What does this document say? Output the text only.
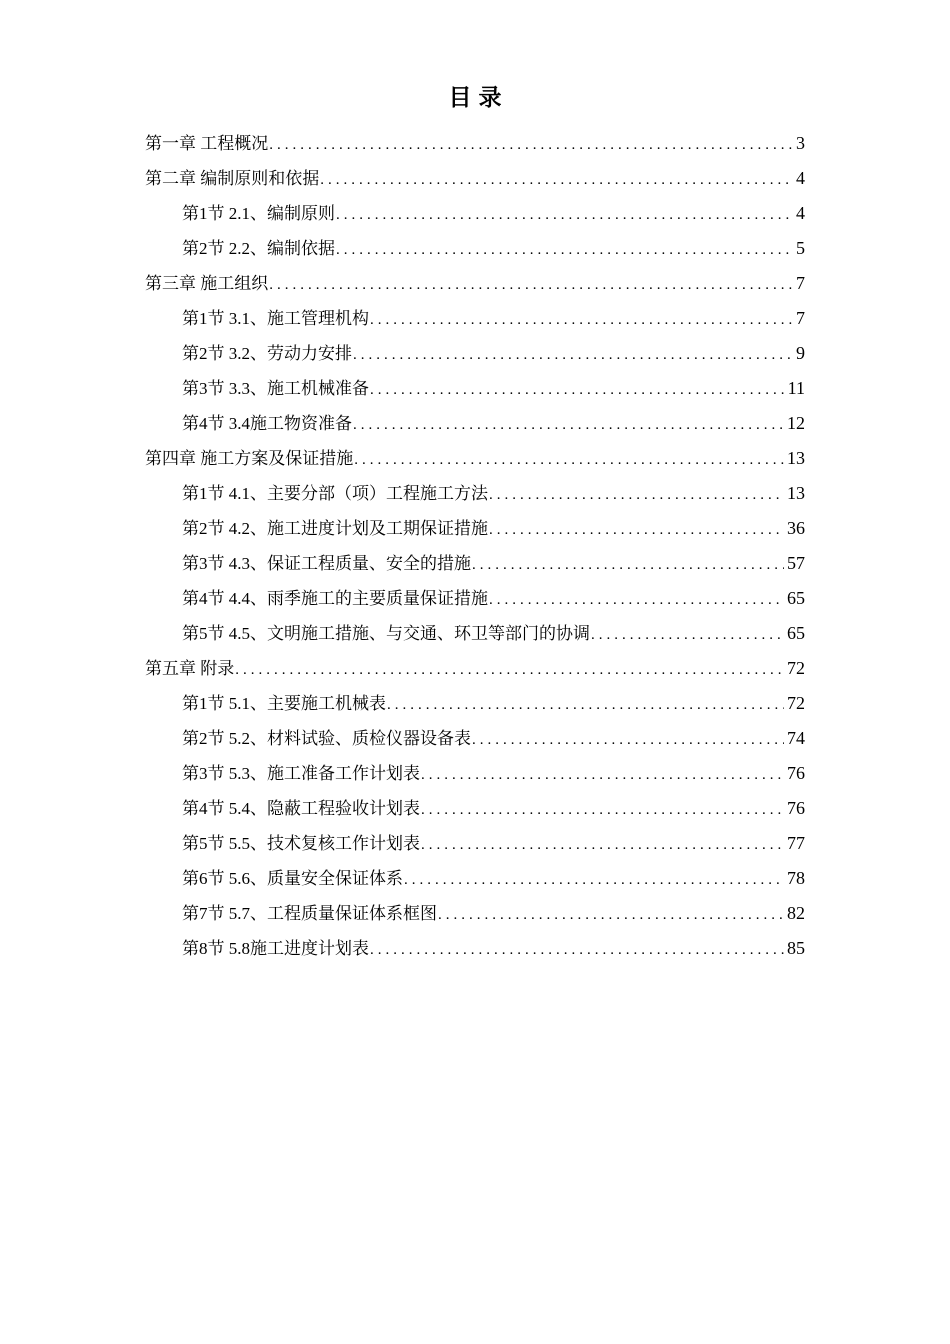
目录
第一章 工程概况 .....	3
第二章 编制原则和依据 .....	4
第1节 2.1、编制原则 .....	4
第2节 2.2、编制依据 .....	5
第三章 施工组织 .....	7
第1节 3.1、施工管理机构 .....	7
第2节 3.2、劳动力安排 .....	9
第3节 3.3、施工机械准备 .....	11
第4节 3.4施工物资准备 .....	12
第四章 施工方案及保证措施 .....	13
第1节 4.1、主要分部（项）工程施工方法 .....	13
第2节 4.2、施工进度计划及工期保证措施 .....	36
第3节 4.3、保证工程质量、安全的措施 .....	57
第4节 4.4、雨季施工的主要质量保证措施 .....	65
第5节 4.5、文明施工措施、与交通、环卫等部门的协调 .....	65
第五章 附录 .....	72
第1节 5.1、主要施工机械表 .....	72
第2节 5.2、材料试验、质检仪器设备表 .....	74
第3节 5.3、施工准备工作计划表 .....	76
第4节 5.4、隐蔽工程验收计划表 .....	76
第5节 5.5、技术复核工作计划表 .....	77
第6节 5.6、质量安全保证体系 .....	78
第7节 5.7、工程质量保证体系框图 .....	82
第8节 5.8施工进度计划表 .....	85
